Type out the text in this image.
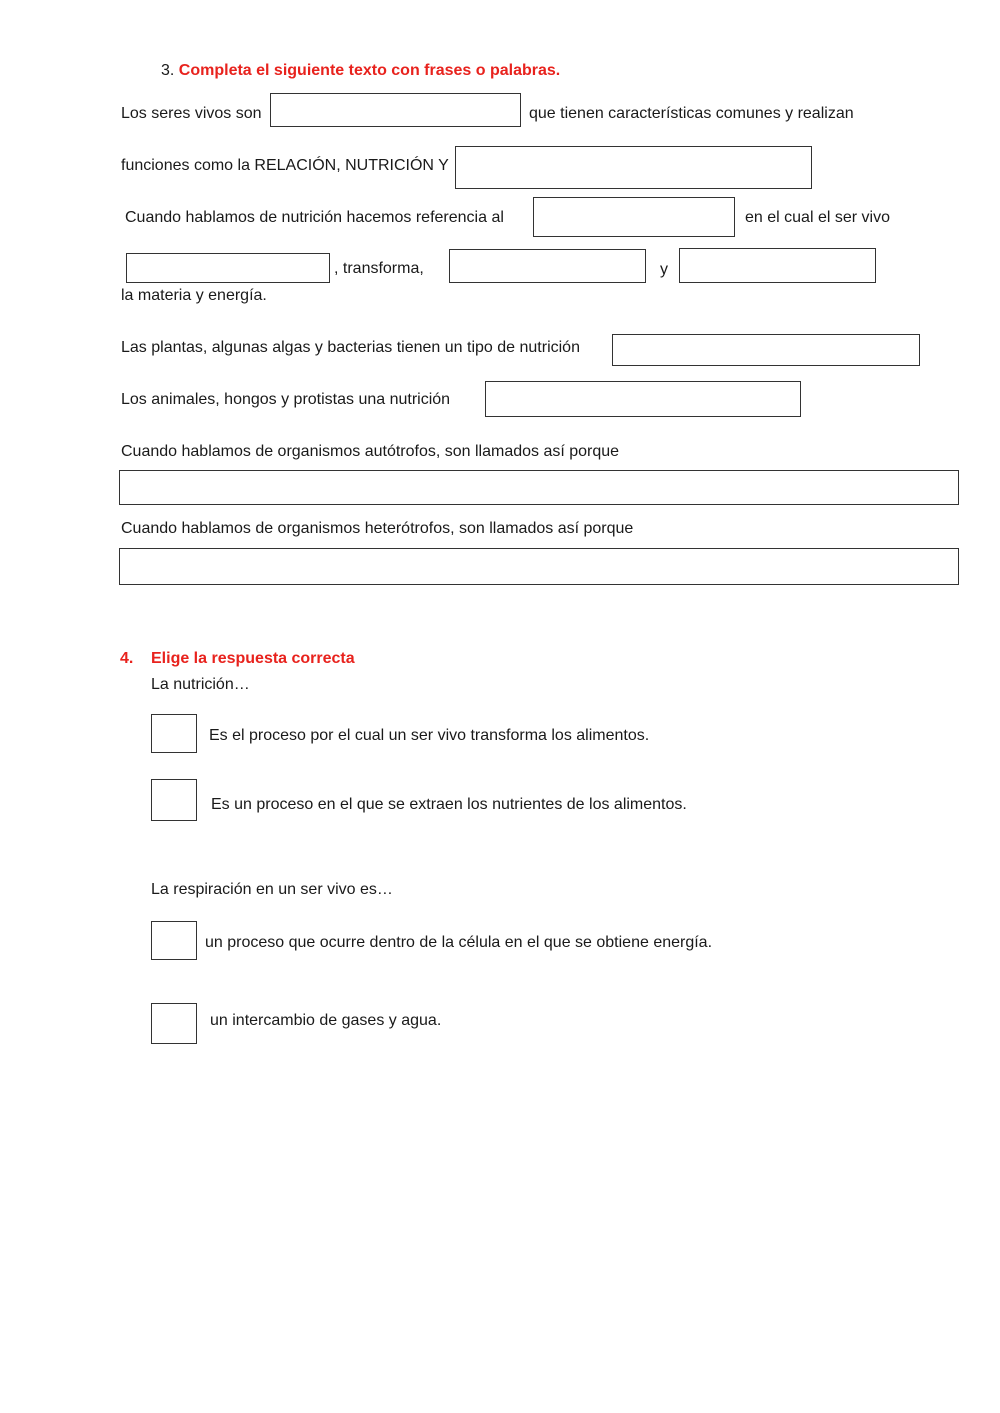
3. Completa el siguiente texto con frases o palabras.
Los seres vivos son	que tienen características comunes y realizan
funciones como la RELACIÓN, NUTRICIÓN Y
Cuando hablamos de nutrición hacemos referencia al	en el cual el ser vivo
, transforma,	y
la materia y energía.
Las plantas, algunas algas y bacterias tienen un tipo de nutrición
Los animales, hongos y protistas una nutrición
Cuando hablamos de organismos autótrofos, son llamados así porque
Cuando hablamos de organismos heterótrofos, son llamados así porque
4. Elige la respuesta correcta
La nutrición…
Es el proceso por el cual un ser vivo transforma los alimentos.
Es un proceso en el que se extraen los nutrientes de los alimentos.
La respiración en un ser vivo es…
un proceso que ocurre dentro de la célula en el que se obtiene energía.
un intercambio de gases y agua.
